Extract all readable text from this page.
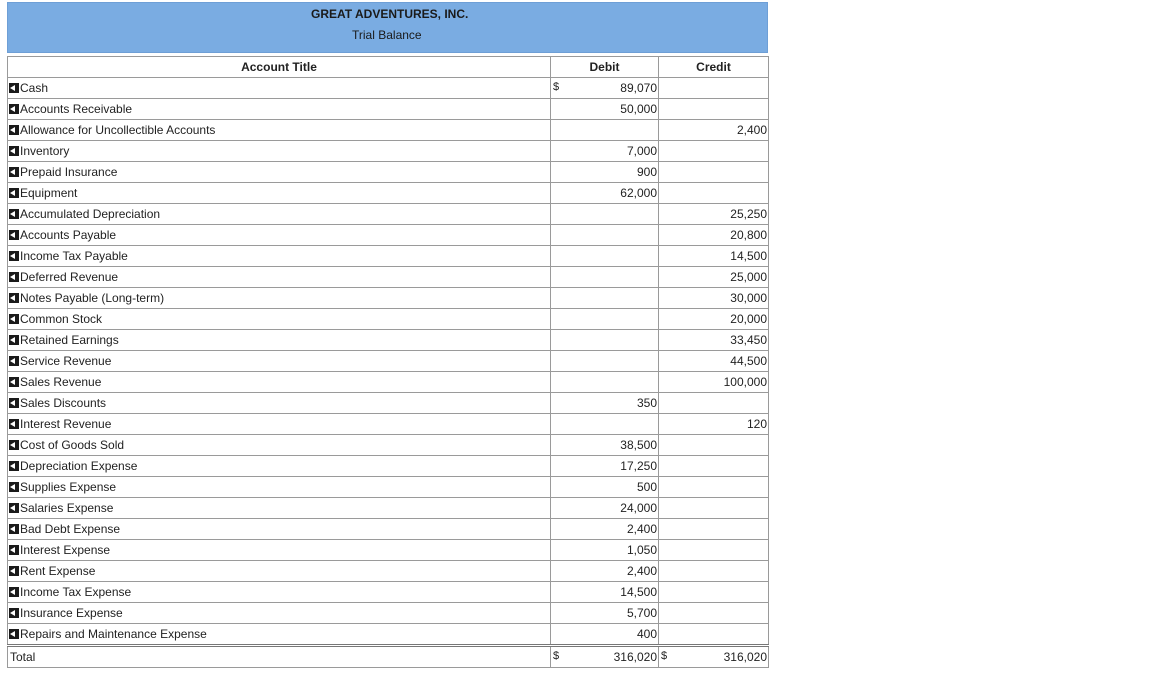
GREAT ADVENTURES, INC.
Trial Balance
Account Title	Debit	Credit
Cash	$ 89,070	

Accounts Receivable	50,000	

Allowance for Uncollectible Accounts		2,400

Inventory	7,000	

Prepaid Insurance	900	

Equipment	62,000	

Accumulated Depreciation		25,250

Accounts Payable		20,800

Income Tax Payable		14,500

Deferred Revenue		25,000

Notes Payable (Long-term)		30,000

Common Stock		20,000

Retained Earnings		33,450

Service Revenue		44,500

Sales Revenue		100,000

Sales Discounts	350	

Interest Revenue		120

Cost of Goods Sold	38,500	

Depreciation Expense	17,250	

Supplies Expense	500	

Salaries Expense	24,000	

Bad Debt Expense	2,400	

Interest Expense	1,050	

Rent Expense	2,400	

Income Tax Expense	14,500	

Insurance Expense	5,700	

Repairs and Maintenance Expense	400	

Total	$ 316,020	$ 316,020
